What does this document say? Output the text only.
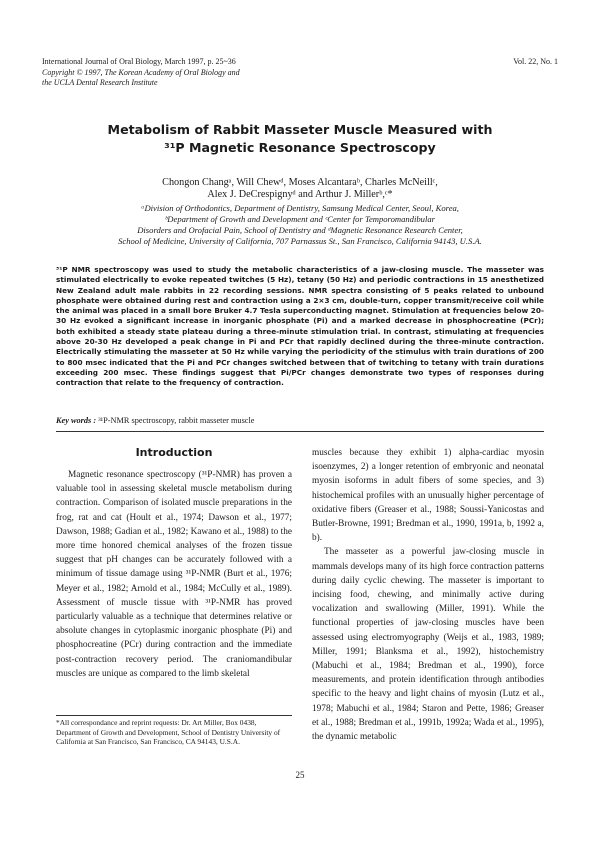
International Journal of Oral Biology, March 1997, p. 25~36
Copyright © 1997, The Korean Academy of Oral Biology and
the UCLA Dental Research Institute
Vol. 22, No. 1
Metabolism of Rabbit Masseter Muscle Measured with
³¹P Magnetic Resonance Spectroscopy
Chongon Changᵃ, Will Chewᵈ, Moses Alcantaraᵇ, Charles McNeillᶜ,
Alex J. DeCrespignyᵈ and Arthur J. Millerᵇ,ᶜ*
ᵃDivision of Orthodontics, Department of Dentistry, Samsung Medical Center, Seoul, Korea,
ᵇDepartment of Growth and Development and ᶜCenter for Temporomandibular
Disorders and Orofacial Pain, School of Dentistry and ᵈMagnetic Resonance Research Center,
School of Medicine, University of California, 707 Parnassus St., San Francisco, California 94143, U.S.A.
³¹P NMR spectroscopy was used to study the metabolic characteristics of a jaw-closing muscle. The masseter was stimulated electrically to evoke repeated twitches (5 Hz), tetany (50 Hz) and periodic contractions in 15 anesthetized New Zealand adult male rabbits in 22 recording sessions. NMR spectra consisting of 5 peaks related to unbound phosphate were obtained during rest and contraction using a 2×3 cm, double-turn, copper transmit/receive coil while the animal was placed in a small bore Bruker 4.7 Tesla superconducting magnet. Stimulation at frequencies below 20-30 Hz evoked a significant increase in inorganic phosphate (Pi) and a marked decrease in phosphocreatine (PCr); both exhibited a steady state plateau during a three-minute stimulation trial. In contrast, stimulating at frequencies above 20-30 Hz developed a peak change in Pi and PCr that rapidly declined during the three-minute contraction. Electrically stimulating the masseter at 50 Hz while varying the periodicity of the stimulus with train durations of 200 to 800 msec indicated that the Pi and PCr changes switched between that of twitching to tetany with train durations exceeding 200 msec. These findings suggest that Pi/PCr changes demonstrate two types of responses during contraction that relate to the frequency of contraction.
Key words : ³¹P-NMR spectroscopy, rabbit masseter muscle
Introduction

Magnetic resonance spectroscopy (³¹P-NMR) has proven a valuable tool in assessing skeletal muscle metabolism during contraction. Comparison of isolated muscle preparations in the frog, rat and cat (Hoult et al., 1974; Dawson et al., 1977; Dawson, 1988; Gadian et al., 1982; Kawano et al., 1988) to the more time honored chemical analyses of the frozen tissue suggest that pH changes can be accurately followed with a minimum of tissue damage using ³¹P-NMR (Burt et al., 1976; Meyer et al., 1982; Arnold et al., 1984; McCully et al., 1989). Assessment of muscle tissue with ³¹P-NMR has proved particularly valuable as a technique that determines relative or absolute changes in cytoplasmic inorganic phosphate (Pi) and phosphocreatine (PCr) during contraction and the immediate post-contraction recovery period. The craniomandibular muscles are unique as compared to the limb skeletal

*All correspondance and reprint requests: Dr. Art Miller, Box 0438, Department of Growth and Development, School of Dentistry University of California at San Francisco, San Francisco, CA 94143, U.S.A.

muscles because they exhibit 1) alpha-cardiac myosin isoenzymes, 2) a longer retention of embryonic and neonatal myosin isoforms in adult fibers of some species, and 3) histochemical profiles with an unusually higher percentage of oxidative fibers (Greaser et al., 1988; Soussi-Yanicostas and Butler-Browne, 1991; Bredman et al., 1990, 1991a, b, 1992 a, b).

The masseter as a powerful jaw-closing muscle in mammals develops many of its high force contraction patterns during daily cyclic chewing. The masseter is important to incising food, chewing, and minimally active during vocalization and swallowing (Miller, 1991). While the functional properties of jaw-closing muscles have been assessed using electromyography (Weijs et al., 1983, 1989; Miller, 1991; Blanksma et al., 1992), histochemistry (Mabuchi et al., 1984; Bredman et al., 1990), force measurements, and protein identification through antibodies specific to the heavy and light chains of myosin (Lutz et al., 1978; Mabuchi et al., 1984; Staron and Pette, 1986; Greaser et al., 1988; Bredman et al., 1991b, 1992a; Wada et al., 1995), the dynamic metabolic

25
